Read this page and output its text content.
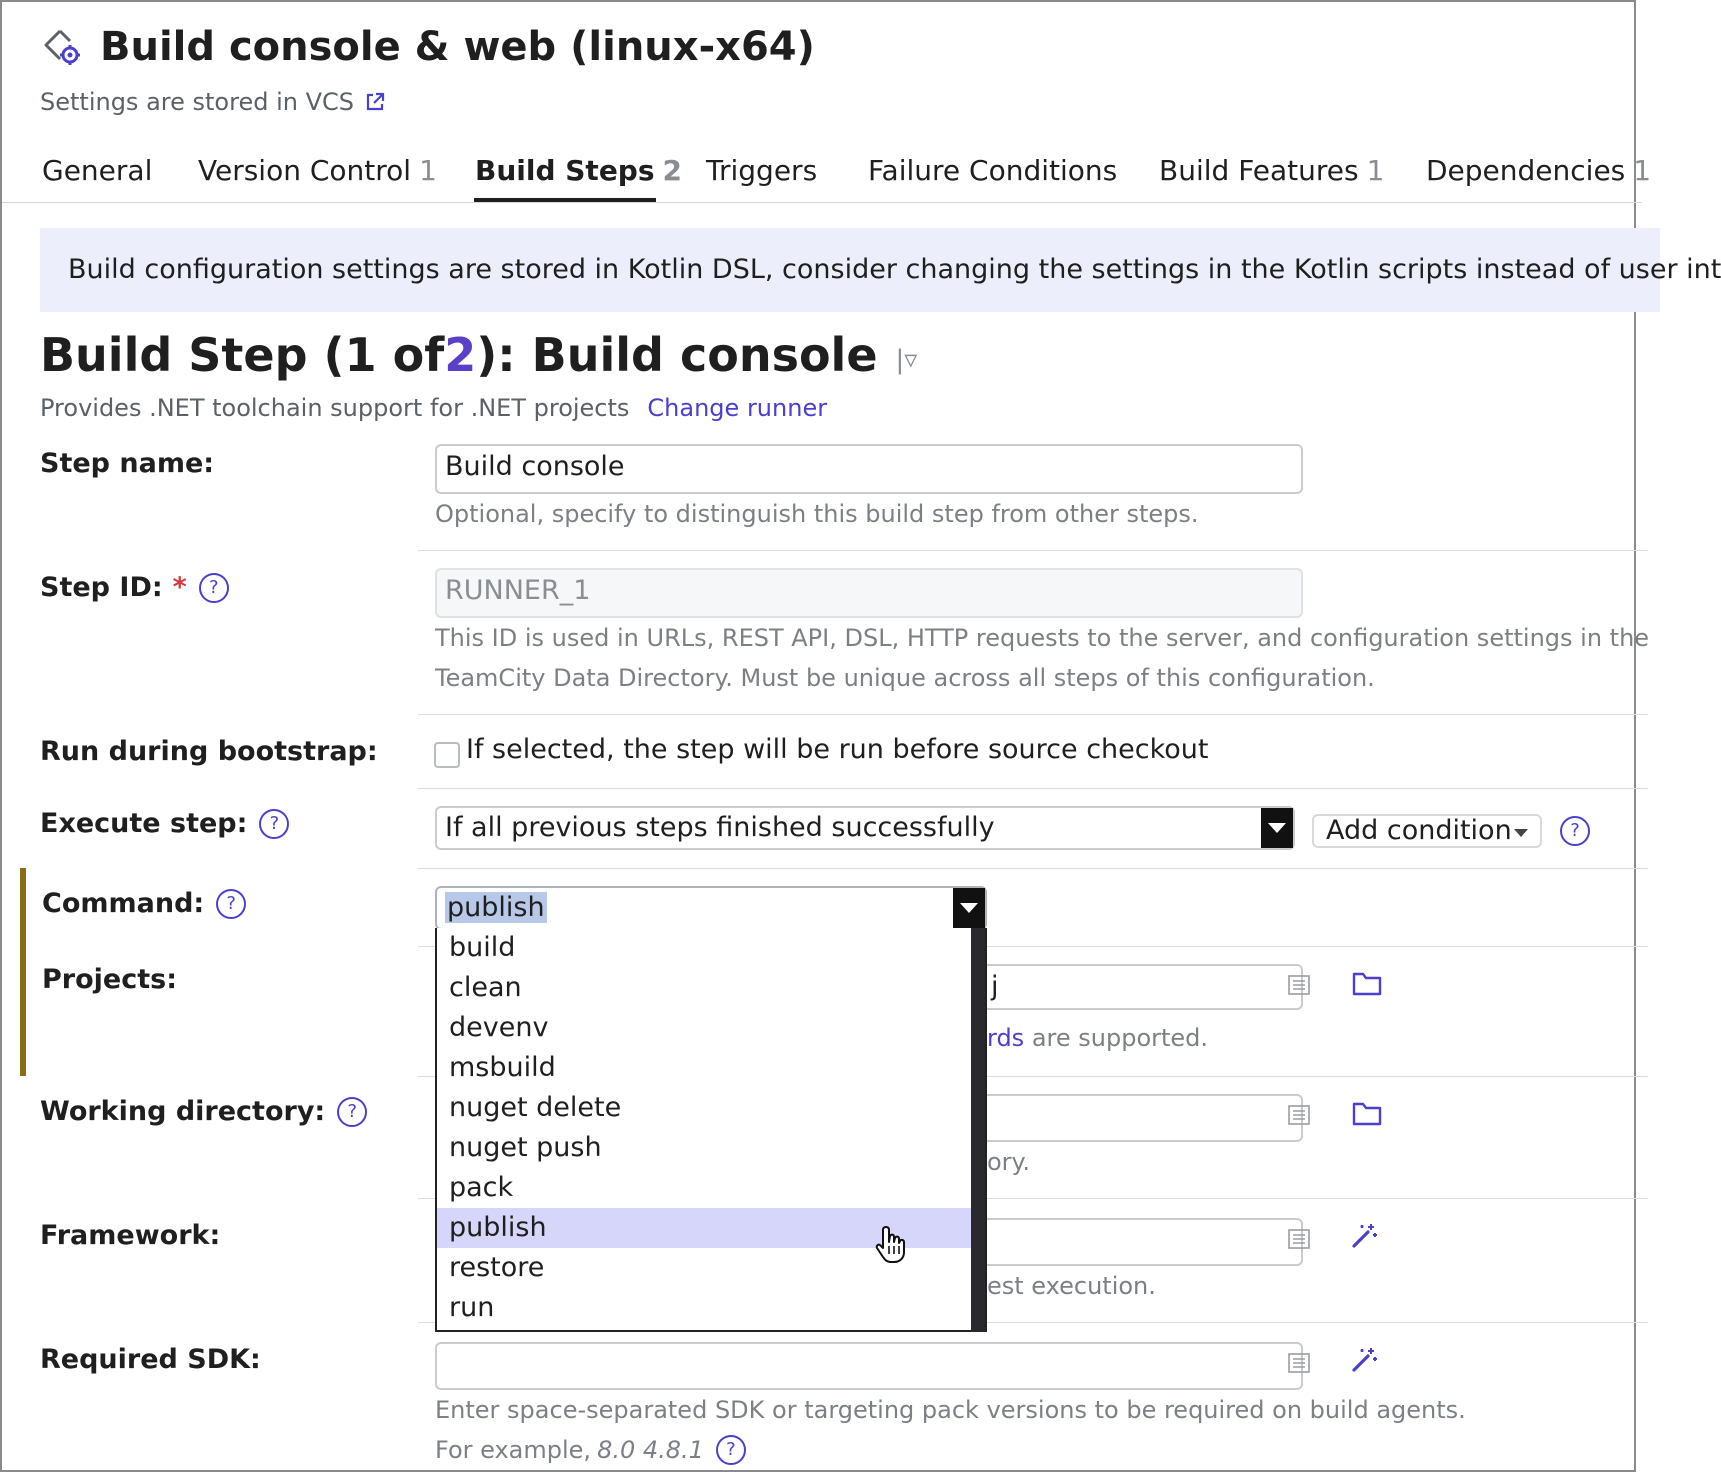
Build console & web (linux-x64)
Settings are stored in VCS
General Version Control 1 Build Steps 2 Triggers Failure Conditions Build Features 1 Dependencies 1
Build configuration settings are stored in Kotlin DSL, consider changing the settings in the Kotlin scripts instead of user int
Build Step (1 of 2 ): Build console |▿
Provides .NET toolchain support for .NET projects Change runner
Step name:	Build console
Optional, specify to distinguish this build step from other steps.
Step ID: *	?	RUNNER_1
This ID is used in URLs, REST API, DSL, HTTP requests to the server, and configuration settings in the
TeamCity Data Directory. Must be unique across all steps of this configuration.
Run during bootstrap:	If selected, the step will be run before source checkout
Execute step:	?	If all previous steps finished successfully	Add condition	?
Command:	?	publish
Projects:	j
rds are supported.
Working directory:	?
ory.
Framework:
est execution.
Required SDK:
Enter space-separated SDK or targeting pack versions to be required on build agents.
For example, 8.0 4.8.1	?
build
clean
devenv
msbuild
nuget delete
nuget push
pack
publish
restore
run
